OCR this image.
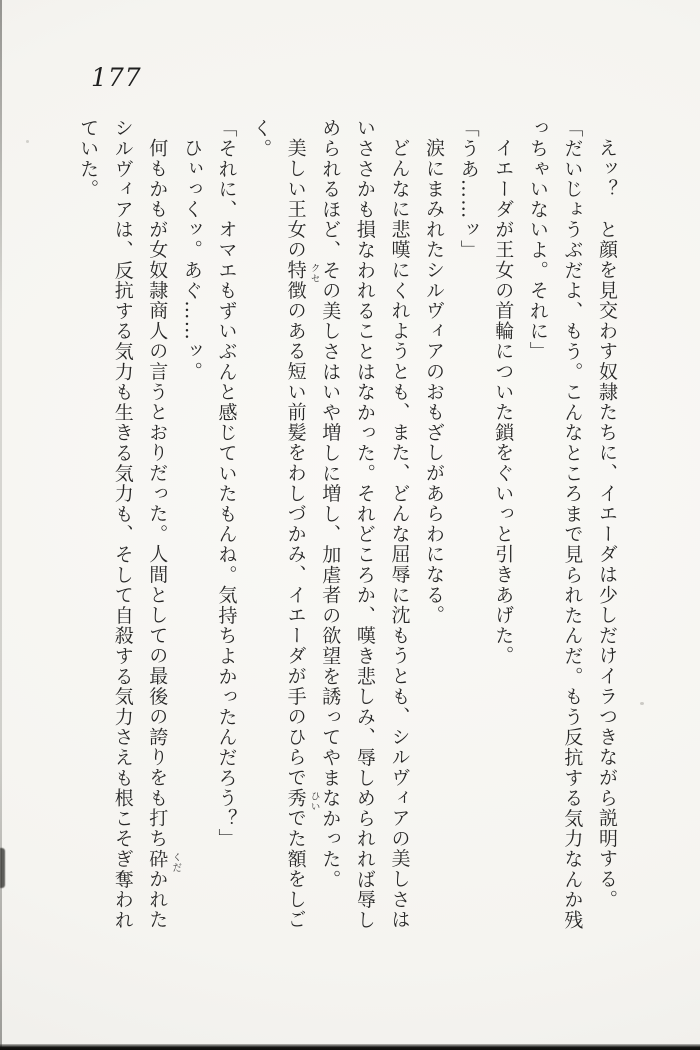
177
えッ？　と顔を見交わす奴隷たちに、イエーダは少しだけイラつきながら説明する。
「だいじょうぶだよ、もう。こんなところまで見られたんだ。もう反抗する気力なんか残
っちゃいないよ。それに」
イエーダが王女の首輪についた鎖をぐいっと引きあげた。
「うあ……ッ」
涙にまみれたシルヴィアのおもざしがあらわになる。
どんなに悲嘆にくれようとも、また、どんな屈辱に沈もうとも、シルヴィアの美しさは
いささかも損なわれることはなかった。それどころか、嘆き悲しみ、辱しめられれば辱し
められるほど、その美しさはいや増しに増し、加虐者の欲望を誘ってやまなかった。
美しい王女の特徴 クセ
のある短い前髪をわしづかみ、イエーダが手のひらで秀 ひい
でた額をしご
く。
「それに、オマエもずいぶんと感じていたもんね。気持ちよかったんだろう？」
ひぃっくッ。あぐ……ッ。
何もかもが女奴隷商人の言うとおりだった。人間としての最後の誇りをも打ち砕 くだ
かれた
シルヴィアは、反抗する気力も生きる気力も、そして自殺する気力さえも根こそぎ奪われ
ていた。
